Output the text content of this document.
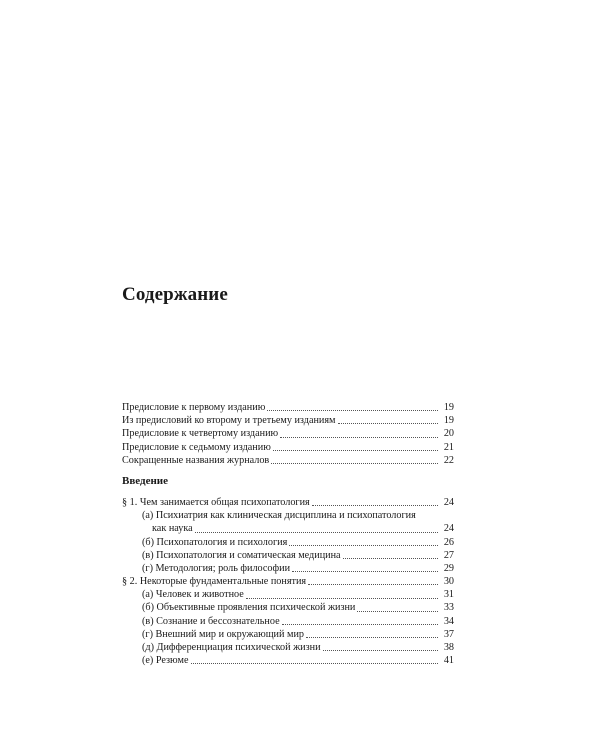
Содержание
Предисловие к первому изданию	19
Из предисловий ко второму и третьему изданиям	19
Предисловие к четвертому изданию	20
Предисловие к седьмому изданию	21
Сокращенные названия журналов	22
Введение
§ 1. Чем занимается общая психопатология	24
(а) Психиатрия как клиническая дисциплина и психопатология
как наука	24
(б) Психопатология и психология	26
(в) Психопатология и соматическая медицина	27
(г) Методология; роль философии	29
§ 2. Некоторые фундаментальные понятия	30
(а) Человек и животное	31
(б) Объективные проявления психической жизни	33
(в) Сознание и бессознательное	34
(г) Внешний мир и окружающий мир	37
(д) Дифференциация психической жизни	38
(е) Резюме	41
